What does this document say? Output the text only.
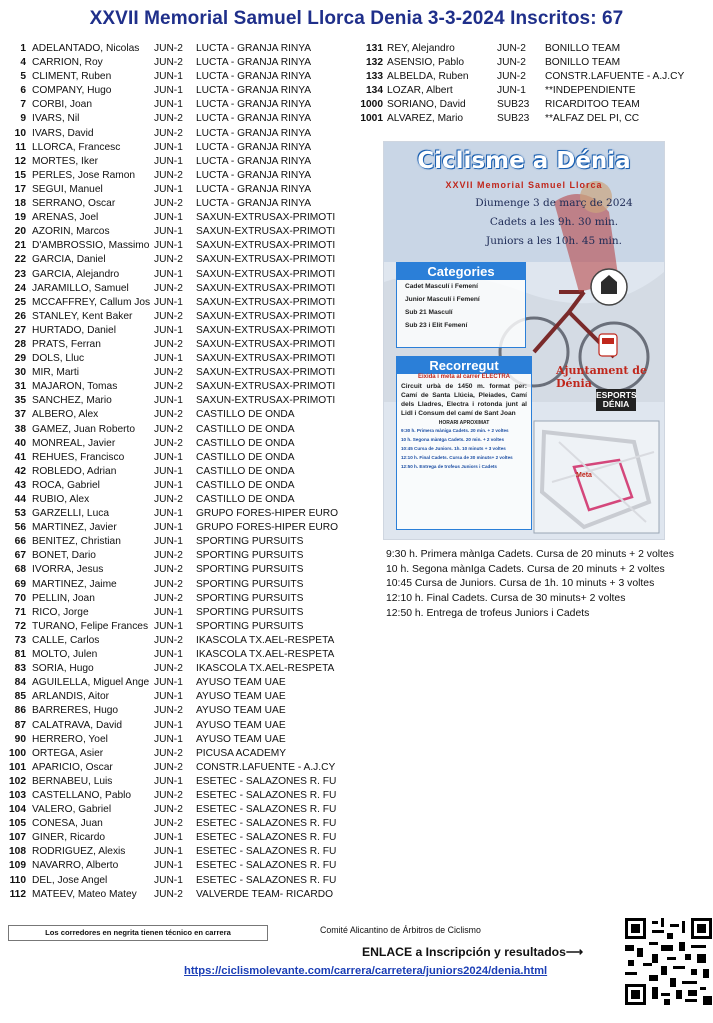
XXVII Memorial Samuel Llorca Denia 3-3-2024 Inscritos: 67
1 ADELANTADO, Nicolas	JUN-2	LUCTA - GRANJA RINYA
4 CARRION, Roy	JUN-2	LUCTA - GRANJA RINYA
5 CLIMENT, Ruben	JUN-1	LUCTA - GRANJA RINYA
6 COMPANY, Hugo	JUN-1	LUCTA - GRANJA RINYA
7 CORBI, Joan	JUN-1	LUCTA - GRANJA RINYA
9 IVARS, Nil	JUN-2	LUCTA - GRANJA RINYA
10 IVARS, David	JUN-2	LUCTA - GRANJA RINYA
11 LLORCA, Francesc	JUN-1	LUCTA - GRANJA RINYA
12 MORTES, Iker	JUN-1	LUCTA - GRANJA RINYA
15 PERLES, Jose Ramon	JUN-2	LUCTA - GRANJA RINYA
17 SEGUI, Manuel	JUN-1	LUCTA - GRANJA RINYA
18 SERRANO, Oscar	JUN-2	LUCTA - GRANJA RINYA
19 ARENAS, Joel	JUN-1	SAXUN-EXTRUSAX-PRIMOTI
20 AZORIN, Marcos	JUN-1	SAXUN-EXTRUSAX-PRIMOTI
21 D'AMBROSSIO, Massimo JUN-1	SAXUN-EXTRUSAX-PRIMOTI
22 GARCIA, Daniel	JUN-2	SAXUN-EXTRUSAX-PRIMOTI
23 GARCIA, Alejandro	JUN-1	SAXUN-EXTRUSAX-PRIMOTI
24 JARAMILLO, Samuel	JUN-2	SAXUN-EXTRUSAX-PRIMOTI
25 MCCAFFREY, Callum Jos JUN-1	SAXUN-EXTRUSAX-PRIMOTI
26 STANLEY, Kent Baker	JUN-2	SAXUN-EXTRUSAX-PRIMOTI
27 HURTADO, Daniel	JUN-1	SAXUN-EXTRUSAX-PRIMOTI
28 PRATS, Ferran	JUN-2	SAXUN-EXTRUSAX-PRIMOTI
29 DOLS, Lluc	JUN-1	SAXUN-EXTRUSAX-PRIMOTI
30 MIR, Marti	JUN-2	SAXUN-EXTRUSAX-PRIMOTI
31 MAJARON, Tomas	JUN-2	SAXUN-EXTRUSAX-PRIMOTI
35 SANCHEZ, Mario	JUN-1	SAXUN-EXTRUSAX-PRIMOTI
37 ALBERO, Alex	JUN-2	CASTILLO DE ONDA
38 GAMEZ, Juan Roberto	JUN-2	CASTILLO DE ONDA
40 MONREAL, Javier	JUN-2	CASTILLO DE ONDA
41 REHUES, Francisco	JUN-1	CASTILLO DE ONDA
42 ROBLEDO, Adrian	JUN-1	CASTILLO DE ONDA
43 ROCA, Gabriel	JUN-1	CASTILLO DE ONDA
44 RUBIO, Alex	JUN-2	CASTILLO DE ONDA
53 GARZELLI, Luca	JUN-1	GRUPO FORES-HIPER EURO
56 MARTINEZ, Javier	JUN-1	GRUPO FORES-HIPER EURO
66 BENITEZ, Christian	JUN-1	SPORTING PURSUITS
67 BONET, Dario	JUN-2	SPORTING PURSUITS
68 IVORRA, Jesus	JUN-2	SPORTING PURSUITS
69 MARTINEZ, Jaime	JUN-2	SPORTING PURSUITS
70 PELLIN, Joan	JUN-2	SPORTING PURSUITS
71 RICO, Jorge	JUN-1	SPORTING PURSUITS
72 TURANO, Felipe Frances JUN-1	SPORTING PURSUITS
73 CALLE, Carlos	JUN-2	IKASCOLA TX.AEL-RESPETA
81 MOLTO, Julen	JUN-1	IKASCOLA TX.AEL-RESPETA
83 SORIA, Hugo	JUN-2	IKASCOLA TX.AEL-RESPETA
84 AGUILELLA, Miguel Ange JUN-1	AYUSO TEAM UAE
85 ARLANDIS, Aitor	JUN-1	AYUSO TEAM UAE
86 BARRERES, Hugo	JUN-2	AYUSO TEAM UAE
87 CALATRAVA, David	JUN-1	AYUSO TEAM UAE
90 HERRERO, Yoel	JUN-1	AYUSO TEAM UAE
100 ORTEGA, Asier	JUN-2	PICUSA ACADEMY
101 APARICIO, Oscar	JUN-2	CONSTR.LAFUENTE - A.J.CY
102 BERNABEU, Luis	JUN-1	ESETEC - SALAZONES R. FU
103 CASTELLANO, Pablo	JUN-2	ESETEC - SALAZONES R. FU
104 VALERO, Gabriel	JUN-2	ESETEC - SALAZONES R. FU
105 CONESA, Juan	JUN-2	ESETEC - SALAZONES R. FU
107 GINER, Ricardo	JUN-1	ESETEC - SALAZONES R. FU
108 RODRIGUEZ, Alexis	JUN-1	ESETEC - SALAZONES R. FU
109 NAVARRO, Alberto	JUN-1	ESETEC - SALAZONES R. FU
110 DEL, Jose Angel	JUN-1	ESETEC - SALAZONES R. FU
112 MATEEV, Mateo Matey	JUN-2	VALVERDE TEAM- RICARDO
131 REY, Alejandro	JUN-2	BONILLO TEAM
132 ASENSIO, Pablo	JUN-2	BONILLO TEAM
133 ALBELDA, Ruben	JUN-2	CONSTR.LAFUENTE - A.J.CY
134 LOZAR, Albert	JUN-1	**INDEPENDIENTE
1000 SORIANO, David	SUB23	RICARDITOO TEAM
1001 ALVAREZ, Mario	SUB23	**ALFAZ DEL PI, CC
Ciclisme a Dénia
XXVII Memorial Samuel Llorca
Diumenge 3 de març de 2024
Cadets a les 9h. 30 min.
Juniors a les 10h. 45 min.
Categories
Cadet Masculí i Femení
Junior Masculí i Femení
Sub 21 Masculí
Sub 23 i Elit Femení
Recorregut
Eixida i meta al carrer ELECTRA
Circuit urbà de 1450 m. format per: Camí de Santa Llúcia, Pleiades, Camí dels Lladres, Electra i rotonda junt al Lidl i Consum del camí de Sant Joan
HORARI APROXIMAT
9:30 h. Primera màniga Cadets. 20 min. + 2 voltes
10 h. Segona mànIga Cadets. 20 min. + 2 voltes
10:45 Cursa de Juniors. 1h. 10 minuts + 3 voltes
12:10 h. Final Cadets. Cursa de 30 minuts+ 2 voltes
12:50 h. Entrega de trofeus Juniors i Cadets
Meta
Ajuntament de Dénia
ESPORTS DÉNIA
9:30 h. Primera mànIga Cadets. Cursa de 20 minuts + 2 voltes
10 h. Segona mànIga Cadets. Cursa de 20 minuts + 2 voltes
10:45 Cursa de Juniors. Cursa de 1h. 10 minuts + 3 voltes
12:10 h. Final Cadets. Cursa de 30 minuts+ 2 voltes
12:50 h. Entrega de trofeus Juniors i Cadets
Los corredores en negrita tienen técnico en carrera	Comité Alicantino de Árbitros de Ciclismo
ENLACE a Inscripción y resultados⟶
https://ciclismolevante.com/carrera/carretera/juniors2024/denia.html
